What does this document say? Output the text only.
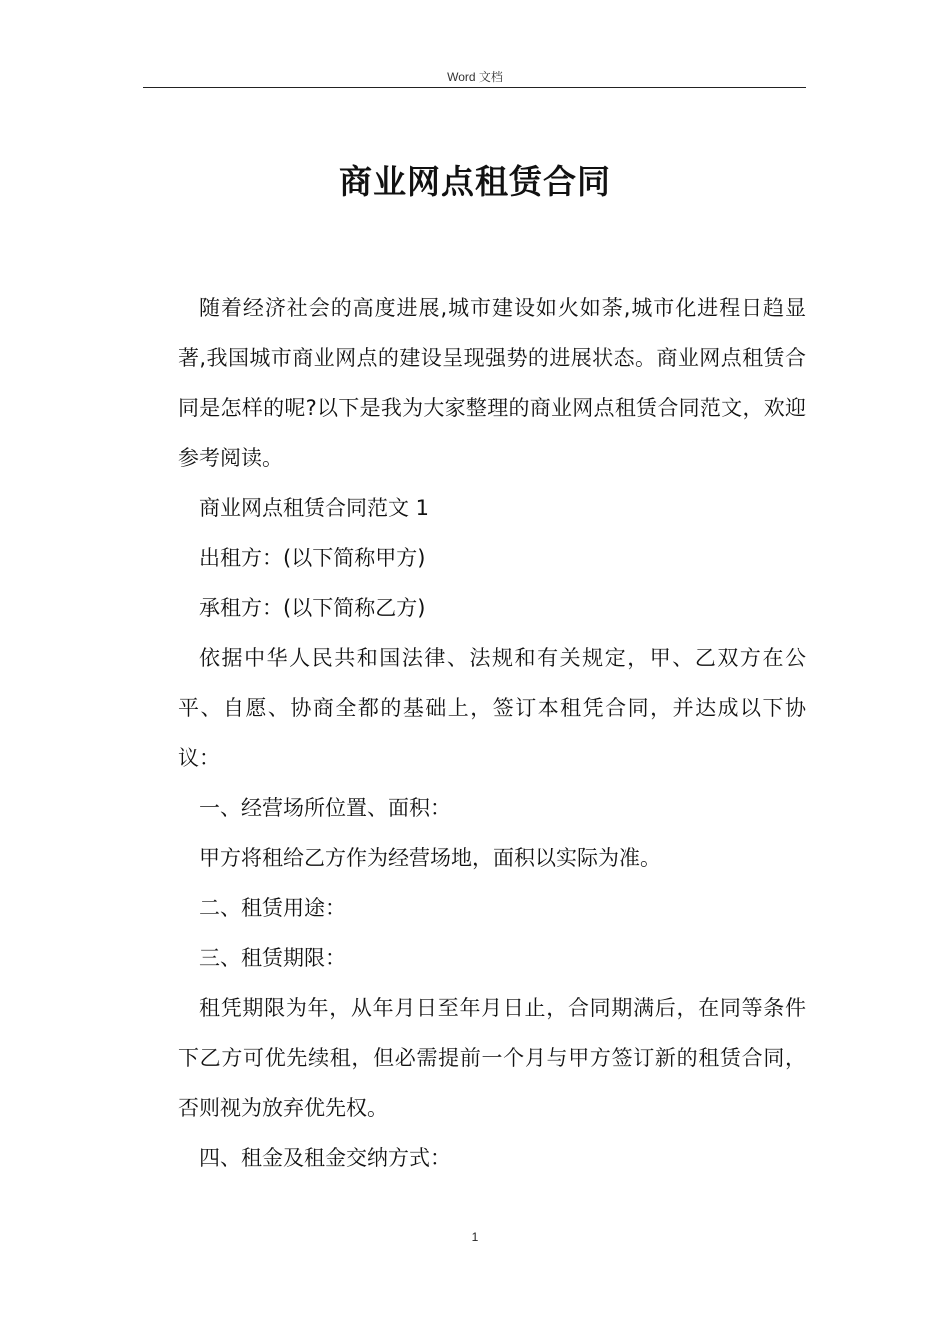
Word 文档
商业网点租赁合同

随着经济社会的高度进展,城市建设如火如荼,城市化进程日趋显著,我国城市商业网点的建设呈现强势的进展状态。商业网点租赁合同是怎样的呢?以下是我为大家整理的商业网点租赁合同范文，欢迎参考阅读。

商业网点租赁合同范文 1

出租方：(以下简称甲方)

承租方：(以下简称乙方)

依据中华人民共和国法律、法规和有关规定，甲、乙双方在公平、自愿、协商全都的基础上，签订本租凭合同，并达成以下协议：

一、经营场所位置、面积：

甲方将租给乙方作为经营场地，面积以实际为准。

二、租赁用途：

三、租赁期限：

租凭期限为年，从年月日至年月日止，合同期满后，在同等条件下乙方可优先续租，但必需提前一个月与甲方签订新的租赁合同，否则视为放弃优先权。

四、租金及租金交纳方式：

1
